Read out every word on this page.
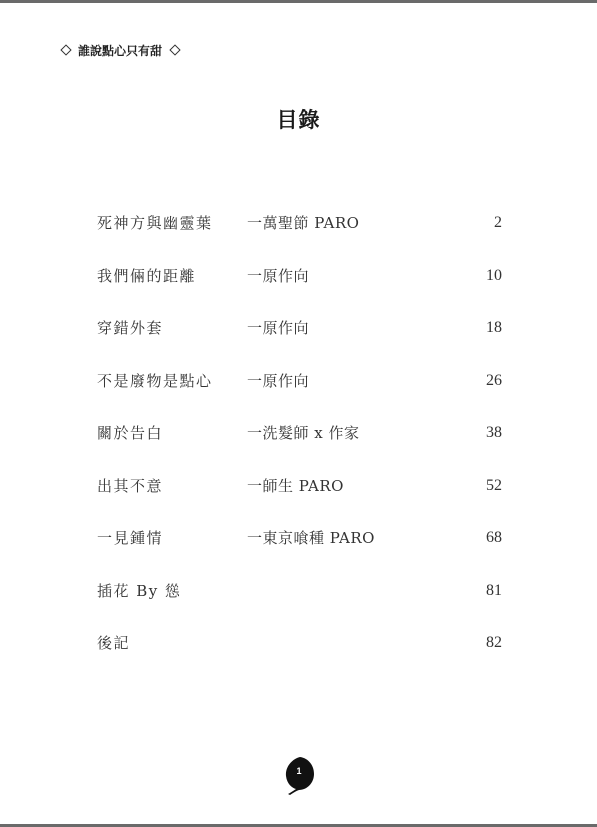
誰說點心只有甜
目錄
死神方與幽靈葉 一萬聖節 PARO	2
我們倆的距離	一原作向	10
穿錯外套	一原作向	18
不是廢物是點心 一原作向	26
關於告白	一洗髮師 x 作家	38
出其不意	一師生 PARO	52
一見鍾情	一東京喰種 PARO	68
插花 By 慫	81
後記	82
1
